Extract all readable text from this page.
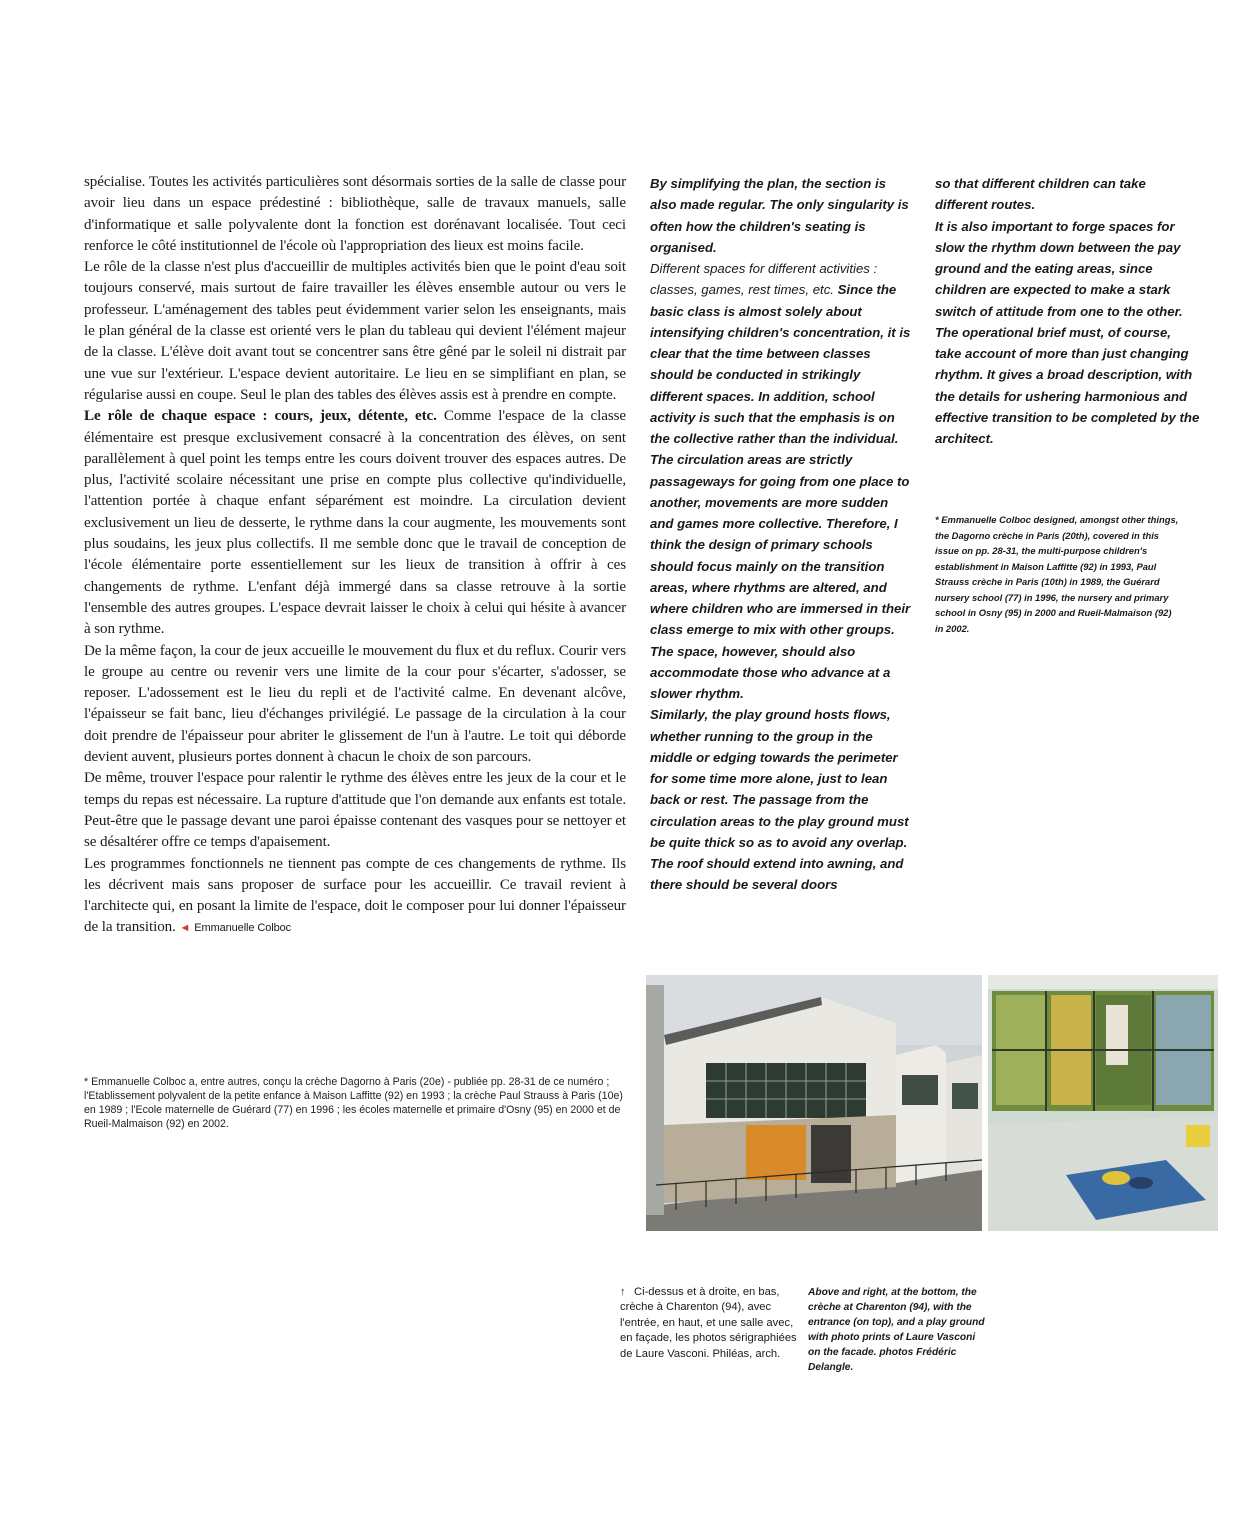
spécialise. Toutes les activités particulières sont désormais sorties de la salle de classe pour avoir lieu dans un espace prédestiné : bibliothèque, salle de travaux manuels, salle d'informatique et salle polyvalente dont la fonction est dorénavant localisée. Tout ceci renforce le côté institutionnel de l'école où l'appropriation des lieux est moins facile.

Le rôle de la classe n'est plus d'accueillir de multiples activités bien que le point d'eau soit toujours conservé, mais surtout de faire travailler les élèves ensemble autour ou vers le professeur. L'aménagement des tables peut évidemment varier selon les enseignants, mais le plan général de la classe est orienté vers le plan du tableau qui devient l'élément majeur de la classe. L'élève doit avant tout se concentrer sans être gêné par le soleil ni distrait par une vue sur l'extérieur. L'espace devient autoritaire. Le lieu en se simplifiant en plan, se régularise aussi en coupe. Seul le plan des tables des élèves assis est à prendre en compte.

Le rôle de chaque espace : cours, jeux, détente, etc. Comme l'espace de la classe élémentaire est presque exclusivement consacré à la concentration des élèves, on sent parallèlement à quel point les temps entre les cours doivent trouver des espaces autres. De plus, l'activité scolaire nécessitant une prise en compte plus collective qu'individuelle, l'attention portée à chaque enfant séparément est moindre. La circulation devient exclusivement un lieu de desserte, le rythme dans la cour augmente, les mouvements sont plus soudains, les jeux plus collectifs. Il me semble donc que le travail de conception de l'école élémentaire porte essentiellement sur les lieux de transition à offrir à ces changements de rythme. L'enfant déjà immergé dans sa classe retrouve à la sortie l'ensemble des autres groupes. L'espace devrait laisser le choix à celui qui hésite à avancer à son rythme.

De la même façon, la cour de jeux accueille le mouvement du flux et du reflux. Courir vers le groupe au centre ou revenir vers une limite de la cour pour s'écarter, s'adosser, se reposer. L'adossement est le lieu du repli et de l'activité calme. En devenant alcôve, l'épaisseur se fait banc, lieu d'échanges privilégié. Le passage de la circulation à la cour doit prendre de l'épaisseur pour abriter le glissement de l'un à l'autre. Le toit qui déborde devient auvent, plusieurs portes donnent à chacun le choix de son parcours.

De même, trouver l'espace pour ralentir le rythme des élèves entre les jeux de la cour et le temps du repas est nécessaire. La rupture d'attitude que l'on demande aux enfants est totale. Peut-être que le passage devant une paroi épaisse contenant des vasques pour se nettoyer et se désaltérer offre ce temps d'apaisement.

Les programmes fonctionnels ne tiennent pas compte de ces changements de rythme. Ils les décrivent mais sans proposer de surface pour les accueillir. Ce travail revient à l'architecte qui, en posant la limite de l'espace, doit le composer pour lui donner l'épaisseur de la transition. ◄ Emmanuelle Colboc

* Emmanuelle Colboc a, entre autres, conçu la crèche Dagorno à Paris (20e) - publiée pp. 28-31 de ce numéro ; l'Etablissement polyvalent de la petite enfance à Maison Laffitte (92) en 1993 ; la crèche Paul Strauss à Paris (10e) en 1989 ; l'Ecole maternelle de Guérard (77) en 1996 ; les écoles maternelle et primaire d'Osny (95) en 2000 et de Rueil-Malmaison (92) en 2002.
By simplifying the plan, the section is also made regular. The only singularity is often how the children's seating is organised.
Different spaces for different activities : classes, games, rest times, etc. Since the basic class is almost solely about intensifying children's concentration, it is clear that the time between classes should be conducted in strikingly different spaces. In addition, school activity is such that the emphasis is on the collective rather than the individual. The circulation areas are strictly passageways for going from one place to another, movements are more sudden and games more collective. Therefore, I think the design of primary schools should focus mainly on the transition areas, where rhythms are altered, and where children who are immersed in their class emerge to mix with other groups. The space, however, should also accommodate those who advance at a slower rhythm.
Similarly, the play ground hosts flows, whether running to the group in the middle or edging towards the perimeter for some time more alone, just to lean back or rest. The passage from the circulation areas to the play ground must be quite thick so as to avoid any overlap. The roof should extend into awning, and there should be several doors
so that different children can take different routes.
It is also important to forge spaces for slow the rhythm down between the pay ground and the eating areas, since children are expected to make a stark switch of attitude from one to the other.
The operational brief must, of course, take account of more than just changing rhythm. It gives a broad description, with the details for ushering harmonious and effective transition to be completed by the architect.
* Emmanuelle Colboc designed, amongst other things, the Dagorno crèche in Paris (20th), covered in this issue on pp. 28-31, the multi-purpose children's establishment in Maison Laffitte (92) in 1993, Paul Strauss crèche in Paris (10th) in 1989, the Guérard nursery school (77) in 1996, the nursery and primary school in Osny (95) in 2000 and Rueil-Malmaison (92) in 2002.
↑ Ci-dessus et à droite, en bas, crèche à Charenton (94), avec l'entrée, en haut, et une salle avec, en façade, les photos sérigraphiées de Laure Vasconi. Philéas, arch.
Above and right, at the bottom, the crèche at Charenton (94), with the entrance (on top), and a play ground with photo prints of Laure Vasconi on the facade. photos Frédéric Delangle.
